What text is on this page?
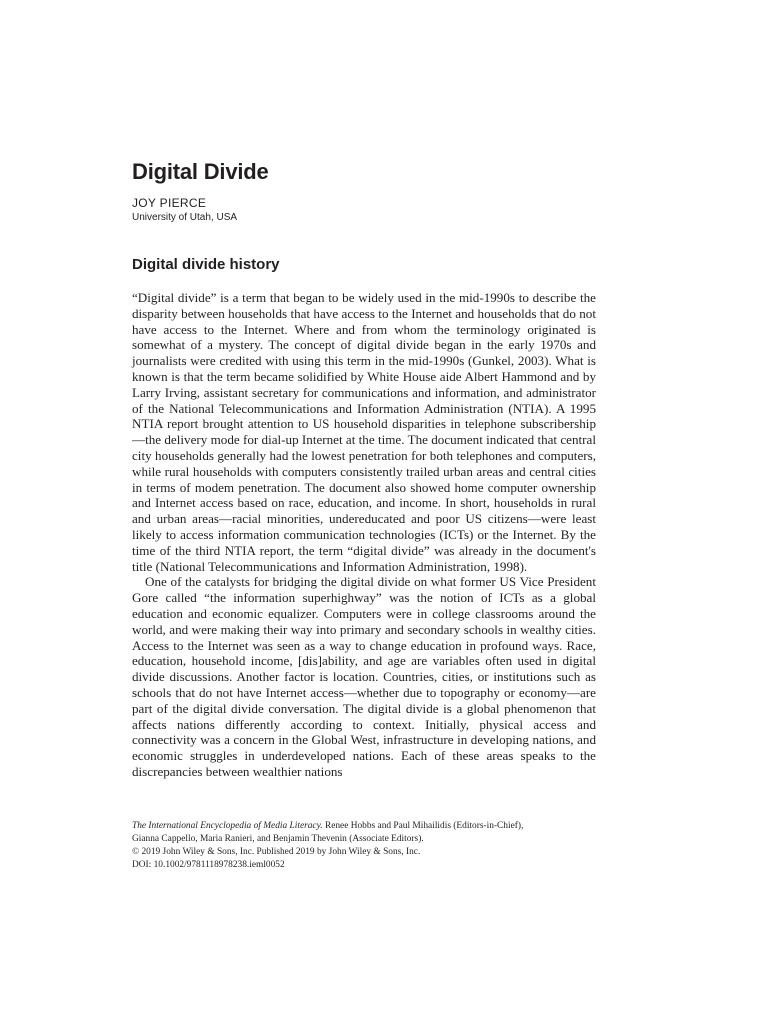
Digital Divide
JOY PIERCE
University of Utah, USA
Digital divide history

“Digital divide” is a term that began to be widely used in the mid-1990s to describe the disparity between households that have access to the Internet and households that do not have access to the Internet. Where and from whom the terminology originated is somewhat of a mystery. The concept of digital divide began in the early 1970s and journalists were credited with using this term in the mid-1990s (Gunkel, 2003). What is known is that the term became solidified by White House aide Albert Hammond and by Larry Irving, assistant secretary for communications and information, and administrator of the National Telecommunications and Information Administration (NTIA). A 1995 NTIA report brought attention to US household disparities in telephone subscribership—the delivery mode for dial-up Internet at the time. The document indicated that central city households generally had the lowest penetration for both telephones and computers, while rural households with computers consistently trailed urban areas and central cities in terms of modem penetration. The document also showed home computer ownership and Internet access based on race, education, and income. In short, households in rural and urban areas—racial minorities, undereducated and poor US citizens—were least likely to access information communication technologies (ICTs) or the Internet. By the time of the third NTIA report, the term “digital divide” was already in the document's title (National Telecommunications and Information Administration, 1998).

One of the catalysts for bridging the digital divide on what former US Vice President Gore called “the information superhighway” was the notion of ICTs as a global education and economic equalizer. Computers were in college classrooms around the world, and were making their way into primary and secondary schools in wealthy cities. Access to the Internet was seen as a way to change education in profound ways. Race, education, household income, [dis]ability, and age are variables often used in digital divide discussions. Another factor is location. Countries, cities, or institutions such as schools that do not have Internet access—whether due to topography or economy—are part of the digital divide conversation. The digital divide is a global phenomenon that affects nations differently according to context. Initially, physical access and connectivity was a concern in the Global West, infrastructure in developing nations, and economic struggles in underdeveloped nations. Each of these areas speaks to the discrepancies between wealthier nations

The International Encyclopedia of Media Literacy. Renee Hobbs and Paul Mihailidis (Editors-in-Chief),
Gianna Cappello, Maria Ranieri, and Benjamin Thevenin (Associate Editors).
© 2019 John Wiley & Sons, Inc. Published 2019 by John Wiley & Sons, Inc.
DOI: 10.1002/9781118978238.ieml0052
